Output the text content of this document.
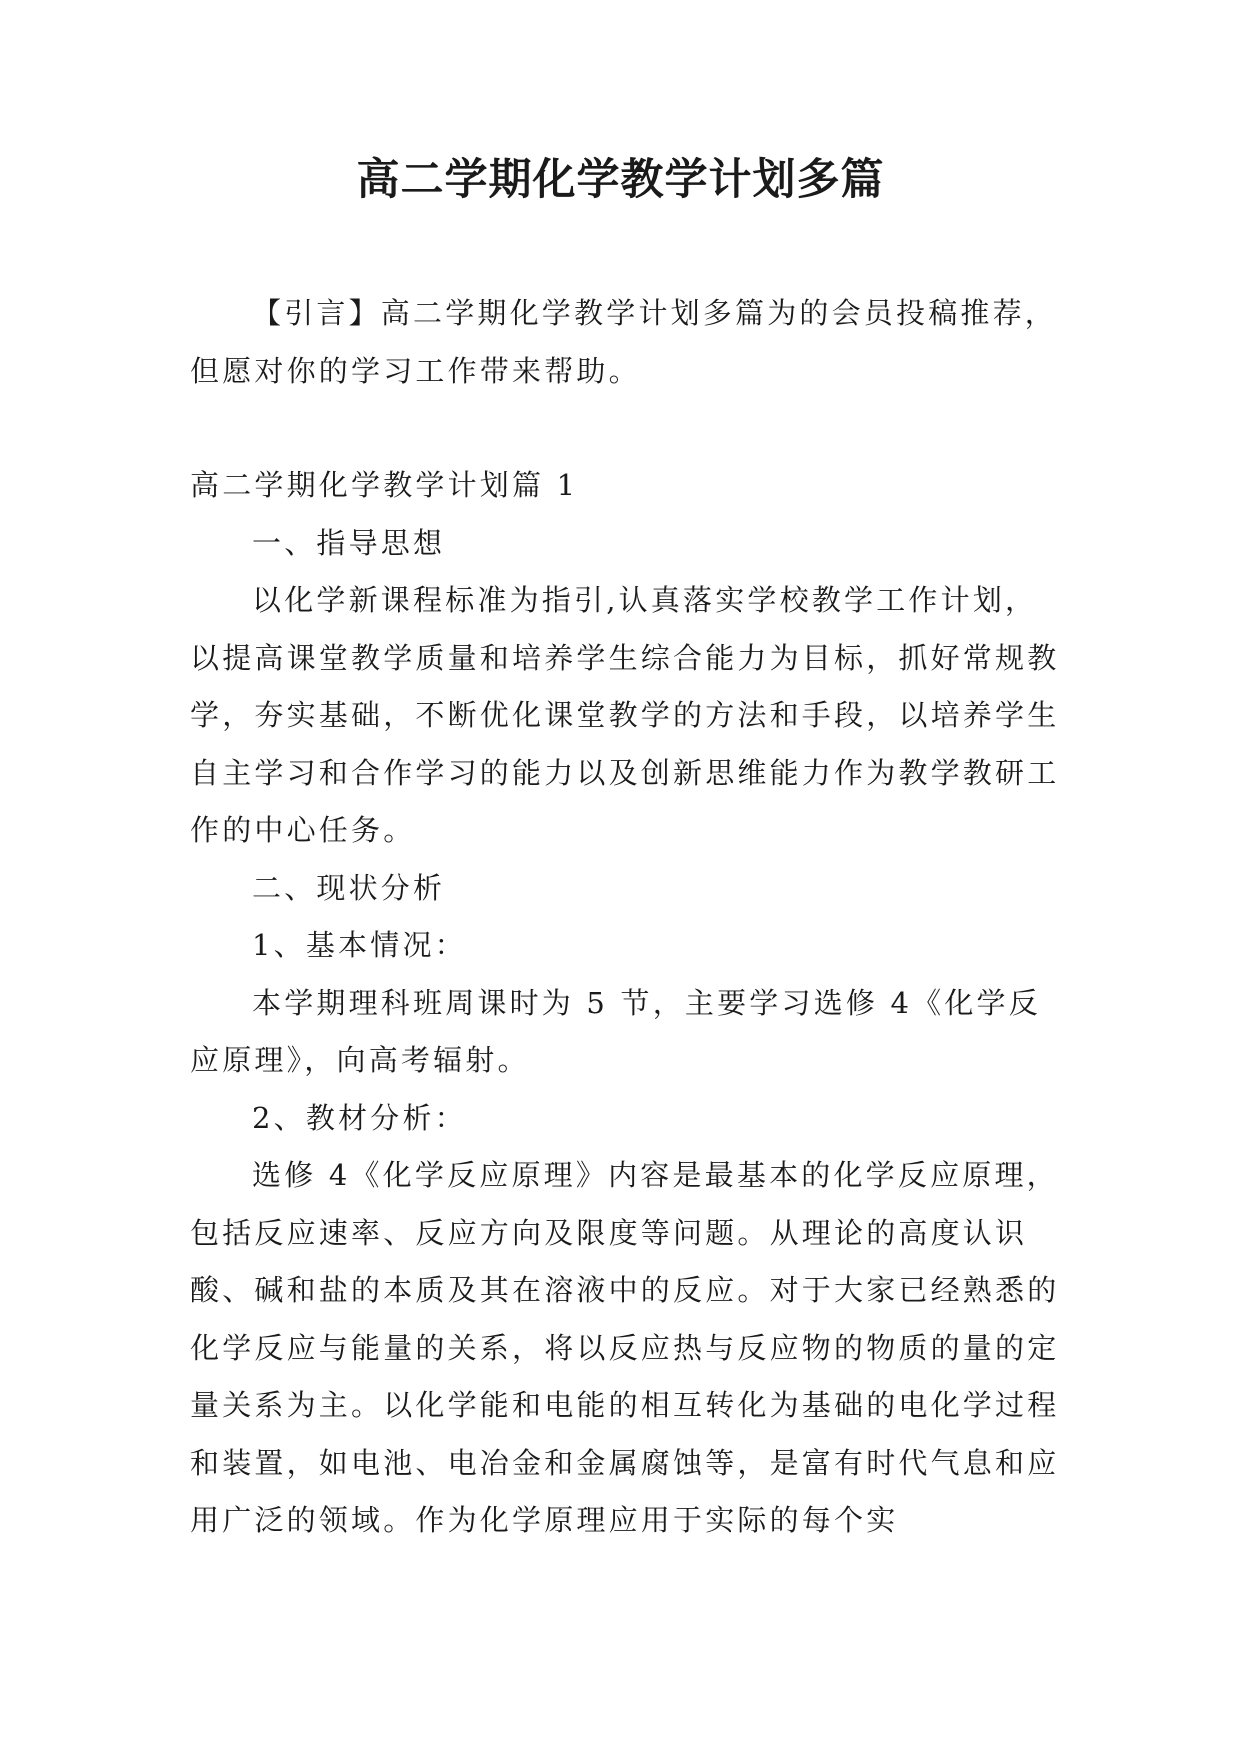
高二学期化学教学计划多篇

【引言】高二学期化学教学计划多篇为的会员投稿推荐，但愿对你的学习工作带来帮助。

高二学期化学教学计划篇 1

一、指导思想

以化学新课程标准为指引,认真落实学校教学工作计划，以提高课堂教学质量和培养学生综合能力为目标，抓好常规教学，夯实基础，不断优化课堂教学的方法和手段，以培养学生自主学习和合作学习的能力以及创新思维能力作为教学教研工作的中心任务。

二、现状分析

1、基本情况：

本学期理科班周课时为 5 节，主要学习选修 4《化学反应原理》，向高考辐射。

2、教材分析：

选修 4《化学反应原理》内容是最基本的化学反应原理，包括反应速率、反应方向及限度等问题。从理论的高度认识酸、碱和盐的本质及其在溶液中的反应。对于大家已经熟悉的化学反应与能量的关系，将以反应热与反应物的物质的量的定量关系为主。以化学能和电能的相互转化为基础的电化学过程和装置，如电池、电冶金和金属腐蚀等，是富有时代气息和应用广泛的领域。作为化学原理应用于实际的每个实
